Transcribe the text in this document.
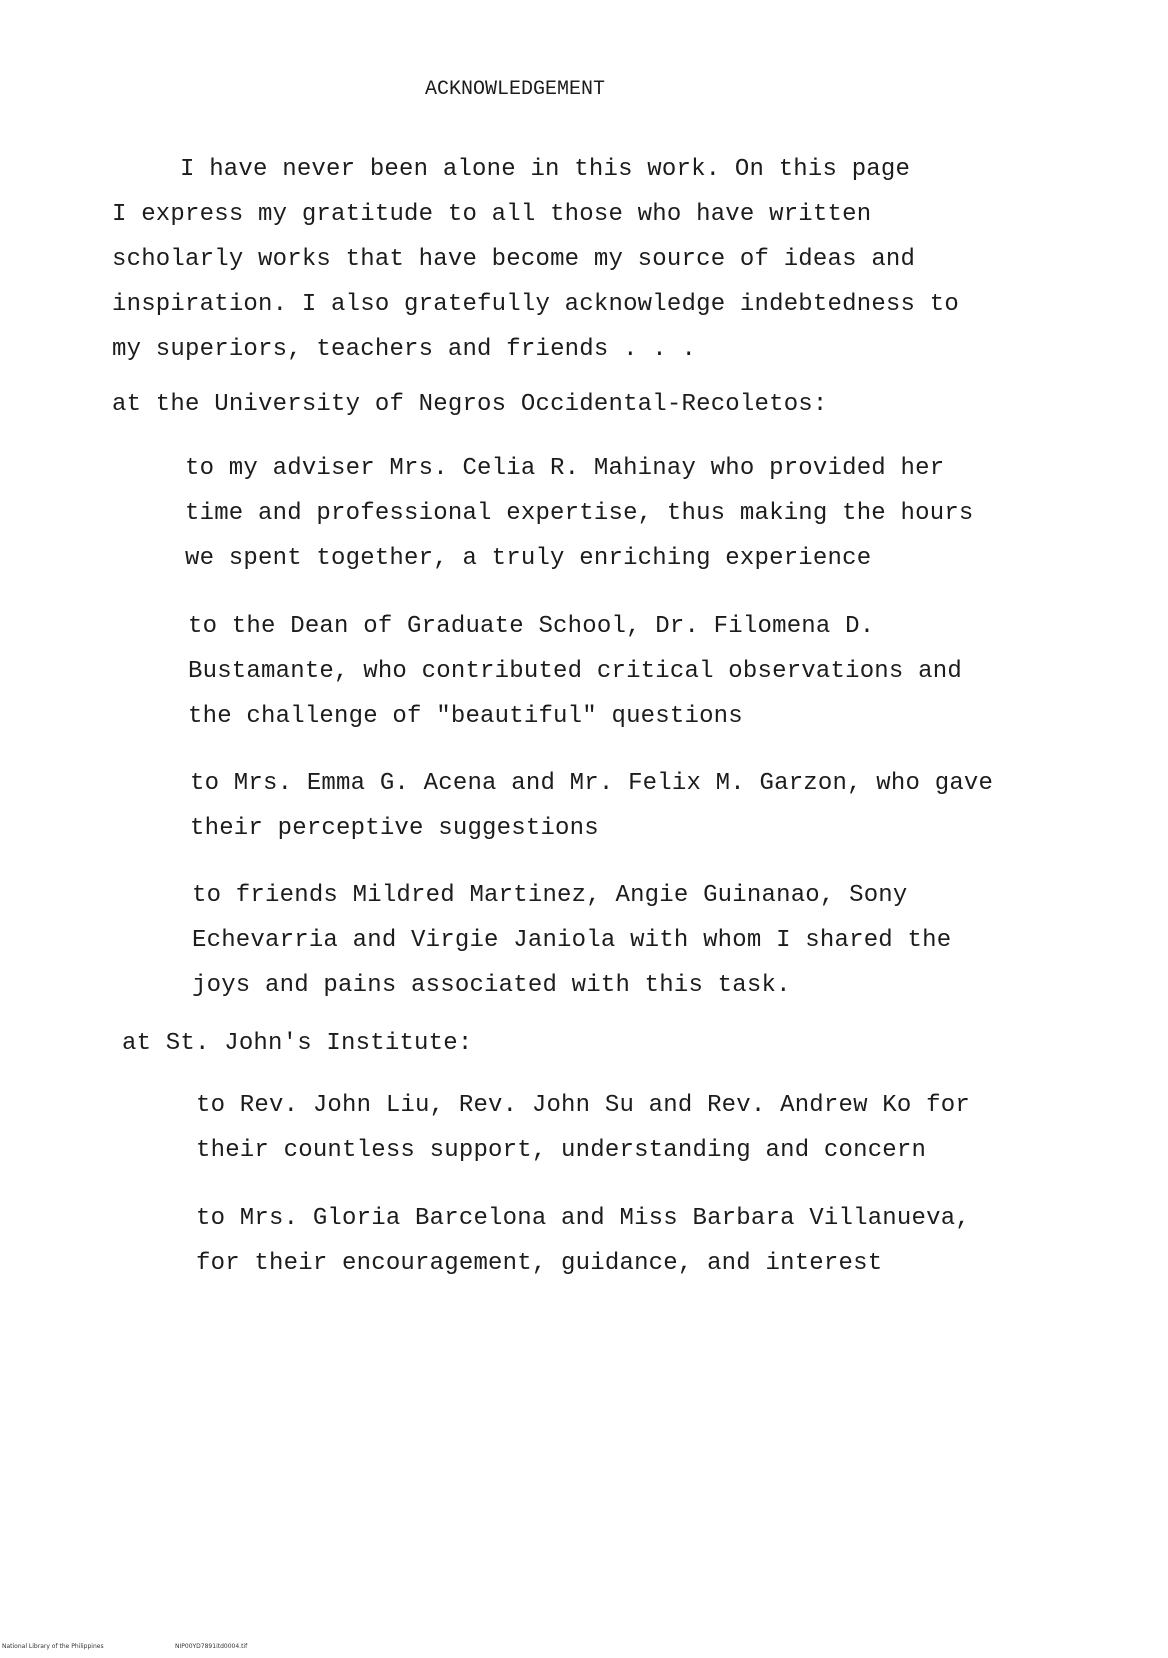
ACKNOWLEDGEMENT
I have never been alone in this work. On this page
I express my gratitude to all those who have written
scholarly works that have become my source of ideas and
inspiration. I also gratefully acknowledge indebtedness to
my superiors, teachers and friends . . .
at the University of Negros Occidental-Recoletos:
to my adviser Mrs. Celia R. Mahinay who provided her
time and professional expertise, thus making the hours
we spent together, a truly enriching experience
to the Dean of Graduate School, Dr. Filomena D.
Bustamante, who contributed critical observations and
the challenge of "beautiful" questions
to Mrs. Emma G. Acena and Mr. Felix M. Garzon, who gave
their perceptive suggestions
to friends Mildred Martinez, Angie Guinanao, Sony
Echevarria and Virgie Janiola with whom I shared the
joys and pains associated with this task.
at St. John's Institute:
to Rev. John Liu, Rev. John Su and Rev. Andrew Ko for
their countless support, understanding and concern
to Mrs. Gloria Barcelona and Miss Barbara Villanueva,
for their encouragement, guidance, and interest
National Library of the Philippines	NIP00YD7891itd0004.tif
